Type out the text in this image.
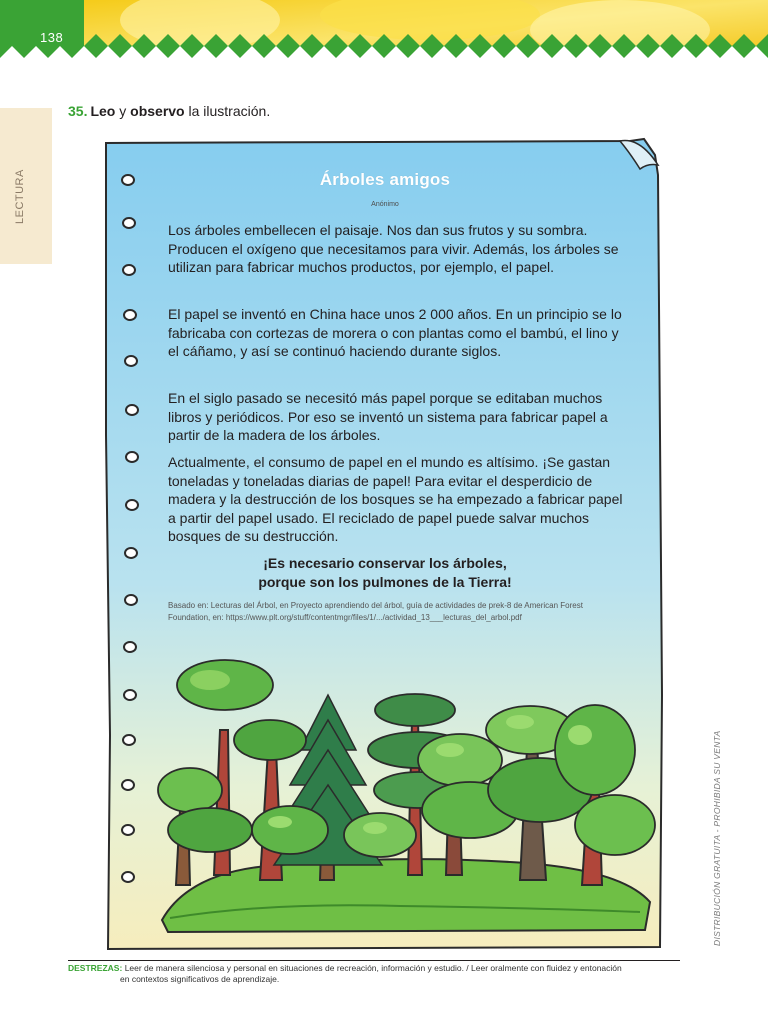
138
LECTURA
35. Leo y observo la ilustración.
Árboles amigos
Anónimo

Los árboles embellecen el paisaje. Nos dan sus frutos y su sombra. Producen el oxígeno que necesitamos para vivir. Además, los árboles se utilizan para fabricar muchos productos, por ejemplo, el papel.

El papel se inventó en China hace unos 2 000 años. En un principio se lo fabricaba con cortezas de morera o con plantas como el bambú, el lino y el cáñamo, y así se continuó haciendo durante siglos.

En el siglo pasado se necesitó más papel porque se editaban muchos libros y periódicos. Por eso se inventó un sistema para fabricar papel a partir de la madera de los árboles.

Actualmente, el consumo de papel en el mundo es altísimo. ¡Se gastan toneladas y toneladas diarias de papel! Para evitar el desperdicio de madera y la destrucción de los bosques se ha empezado a fabricar papel a partir del papel usado. El reciclado de papel puede salvar muchos bosques de su destrucción.

¡Es necesario conservar los árboles,
porque son los pulmones de la Tierra!
Basado en: Lecturas del Árbol, en Proyecto aprendiendo del árbol, guía de actividades de prek-8 de American Forest Foundation, en: https://www.plt.org/stuff/contentmgr/files/1/.../actividad_13___lecturas_del_arbol.pdf
DISTRIBUCIÓN GRATUITA - PROHIBIDA SU VENTA
DESTREZAS: Leer de manera silenciosa y personal en situaciones de recreación, información y estudio. / Leer oralmente con fluidez y entonación
en contextos significativos de aprendizaje.
